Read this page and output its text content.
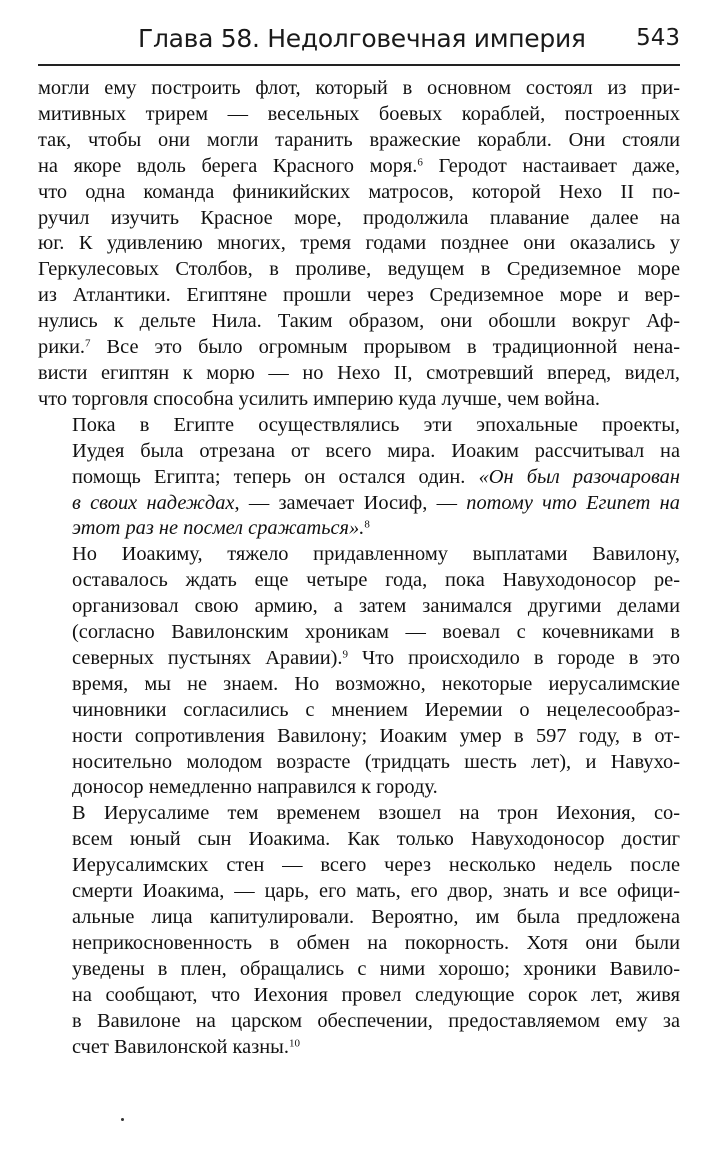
Глава 58. Недолговечная империя 543

могли ему построить флот, который в основном состоял из при-
митивных трирем — весельных боевых кораблей, построенных
так, чтобы они могли таранить вражеские корабли. Они стояли
на якоре вдоль берега Красного моря.$^6$ Геродот настаивает даже,
что одна команда финикийских матросов, которой Нехо II по-
ручил изучить Красное море, продолжила плавание далее на
юг. К удивлению многих, тремя годами позднее они оказались у
Геркулесовых Столбов, в проливе, ведущем в Средиземное море
из Атлантики. Египтяне прошли через Средиземное море и вер-
нулись к дельте Нила. Таким образом, они обошли вокруг Аф-
рики.$^7$ Все это было огромным прорывом в традиционной нена-
висти египтян к морю — но Нехо II, смотревший вперед, видел,
что торговля способна усилить империю куда лучше, чем война.

Пока в Египте осуществлялись эти эпохальные проекты,
Иудея была отрезана от всего мира. Иоаким рассчитывал на
помощь Египта; теперь он остался один. «Он был разочарован
в своих надеждах, — замечает Иосиф, — потому что Египет на
этот раз не посмел сражаться».$^8$

Но Иоакиму, тяжело придавленному выплатами Вавилону,
оставалось ждать еще четыре года, пока Навуходоносор ре-
организовал свою армию, а затем занимался другими делами
(согласно Вавилонским хроникам — воевал с кочевниками в
северных пустынях Аравии).$^9$ Что происходило в городе в это
время, мы не знаем. Но возможно, некоторые иерусалимские
чиновники согласились с мнением Иеремии о нецелесообраз-
ности сопротивления Вавилону; Иоаким умер в 597 году, в от-
носительно молодом возрасте (тридцать шесть лет), и Навухо-
доносор немедленно направился к городу.

В Иерусалиме тем временем взошел на трон Иехония, со-
всем юный сын Иоакима. Как только Навуходоносор достиг
Иерусалимских стен — всего через несколько недель после
смерти Иоакима, — царь, его мать, его двор, знать и все офици-
альные лица капитулировали. Вероятно, им была предложена
неприкосновенность в обмен на покорность. Хотя они были
уведены в плен, обращались с ними хорошо; хроники Вавило-
на сообщают, что Иехония провел следующие сорок лет, живя
в Вавилоне на царском обеспечении, предоставляемом ему за
счет Вавилонской казны.$^{10}$
